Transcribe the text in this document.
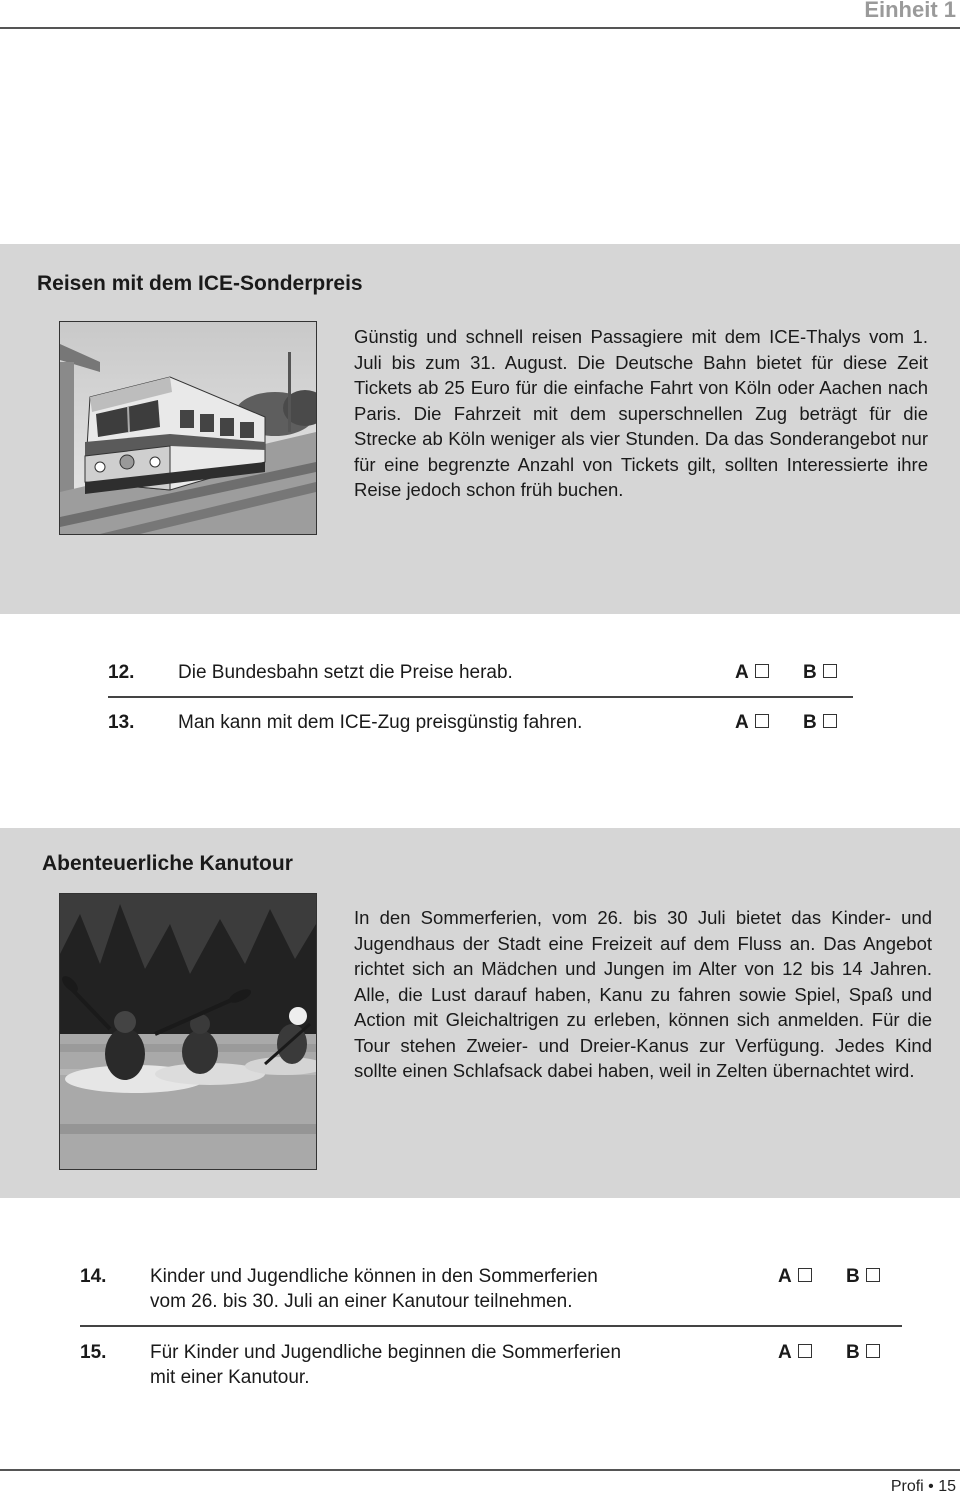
Einheit 1
Reisen mit dem ICE-Sonderpreis
Günstig und schnell reisen Passagiere mit dem ICE-Thalys vom 1. Juli bis zum 31. August. Die Deutsche Bahn bietet für diese Zeit Tickets ab 25 Euro für die einfache Fahrt von Köln oder Aachen nach Paris. Die Fahrzeit mit dem superschnellen Zug beträgt für die Strecke ab Köln weniger als vier Stunden. Da das Sonderangebot nur für eine begrenzte Anzahl von Tickets gilt, sollten Interessierte ihre Reise jedoch schon früh buchen.
12. Die Bundesbahn setzt die Preise herab.	A	B
13. Man kann mit dem ICE-Zug preisgünstig fahren.	A	B
Abenteuerliche Kanutour
In den Sommerferien, vom 26. bis 30 Juli bietet das Kinder- und Jugendhaus der Stadt eine Freizeit auf dem Fluss an. Das Angebot richtet sich an Mädchen und Jungen im Alter von 12 bis 14 Jahren. Alle, die Lust darauf haben, Kanu zu fahren sowie Spiel, Spaß und Action mit Gleichaltrigen zu erleben, können sich anmelden. Für die Tour stehen Zweier- und Dreier-Kanus zur Verfügung. Jedes Kind sollte einen Schlafsack dabei haben, weil in Zelten übernachtet wird.
14. Kinder und Jugendliche können in den Sommerferien
vom 26. bis 30. Juli an einer Kanutour teilnehmen.
A	B
15. Für Kinder und Jugendliche beginnen die Sommerferien
mit einer Kanutour.
A	B
Profi • 15
